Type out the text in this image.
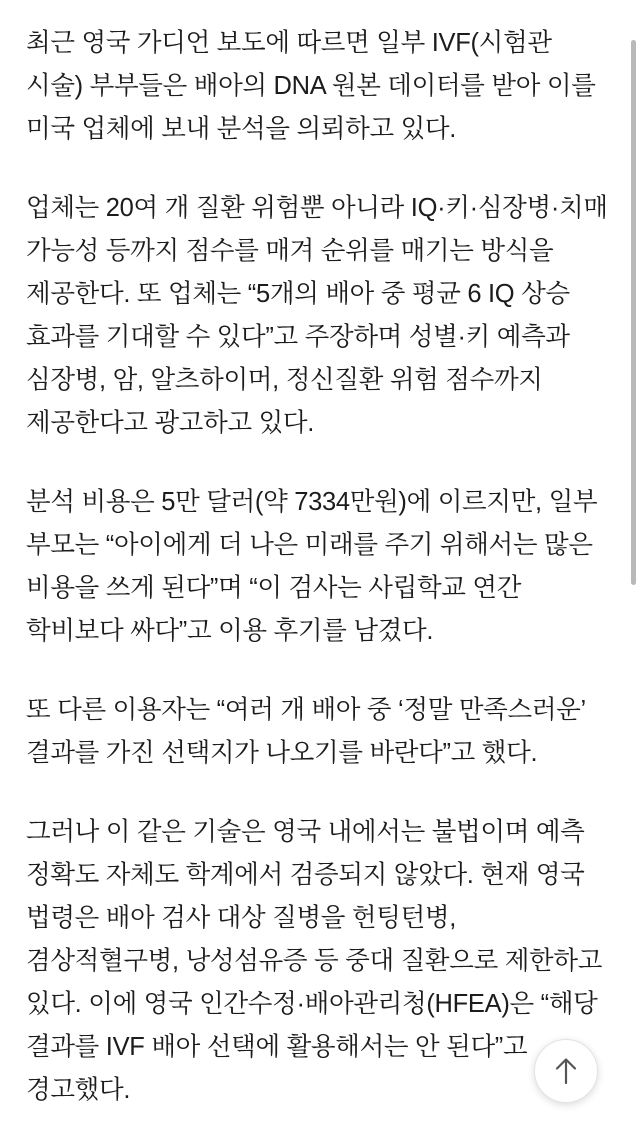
최근 영국 가디언 보도에 따르면 일부 IVF(시험관 시술) 부부들은 배아의 DNA 원본 데이터를 받아 이를 미국 업체에 보내 분석을 의뢰하고 있다.

업체는 20여 개 질환 위험뿐 아니라 IQ·키·심장병·치매 가능성 등까지 점수를 매겨 순위를 매기는 방식을 제공한다. 또 업체는 “5개의 배아 중 평균 6 IQ 상승 효과를 기대할 수 있다”고 주장하며 성별·키 예측과 심장병, 암, 알츠하이머, 정신질환 위험 점수까지 제공한다고 광고하고 있다.

분석 비용은 5만 달러(약 7334만원)에 이르지만, 일부 부모는 “아이에게 더 나은 미래를 주기 위해서는 많은 비용을 쓰게 된다”며 “이 검사는 사립학교 연간 학비보다 싸다”고 이용 후기를 남겼다.

또 다른 이용자는 “여러 개 배아 중 ‘정말 만족스러운’ 결과를 가진 선택지가 나오기를 바란다”고 했다.

그러나 이 같은 기술은 영국 내에서는 불법이며 예측 정확도 자체도 학계에서 검증되지 않았다. 현재 영국 법령은 배아 검사 대상 질병을 헌팅턴병, 겸상적혈구병, 낭성섬유증 등 중대 질환으로 제한하고 있다. 이에 영국 인간수정·배아관리청(HFEA)은 “해당 결과를 IVF 배아 선택에 활용해서는 안 된다”고 경고했다.
